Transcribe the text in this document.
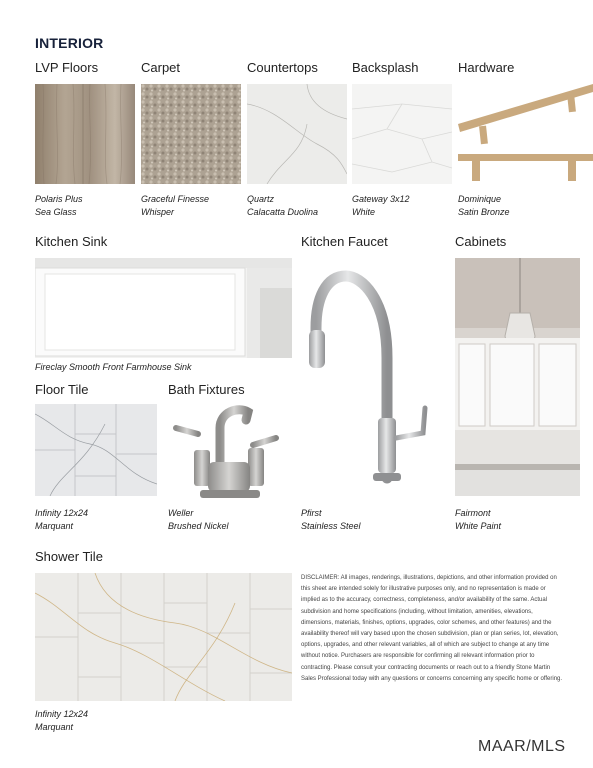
INTERIOR
LVP Floors	Carpet	Countertops	Backsplash	Hardware
Polaris Plus
Sea Glass
Graceful Finesse
Whisper
Quartz
Calacatta Duolina
Gateway 3x12
White
Dominique
Satin Bronze
Kitchen Sink	Kitchen Faucet	Cabinets
Fireclay Smooth Front Farmhouse Sink
Pfirst
Stainless Steel
Fairmont
White Paint
Floor Tile	Bath Fixtures
Infinity 12x24
Marquant
Weller
Brushed Nickel
Shower Tile
Infinity 12x24
Marquant
DISCLAIMER: All images, renderings, illustrations, depictions, and other information provided on this sheet are intended solely for illustrative purposes only, and no representation is made or implied as to the accuracy, correctness, completeness, and/or availability of the same. Actual subdivision and home specifications (including, without limitation, amenities, elevations, dimensions, materials, finishes, options, upgrades, color schemes, and other features) and the availability thereof will vary based upon the chosen subdivision, plan or plan series, lot, elevation, options, upgrades, and other relevant variables, all of which are subject to change at any time without notice. Purchasers are responsible for confirming all relevant information prior to contracting. Please consult your contracting documents or reach out to a friendly Stone Martin Sales Professional today with any questions or concerns concerning any specific home or offering.
MAAR/MLS
